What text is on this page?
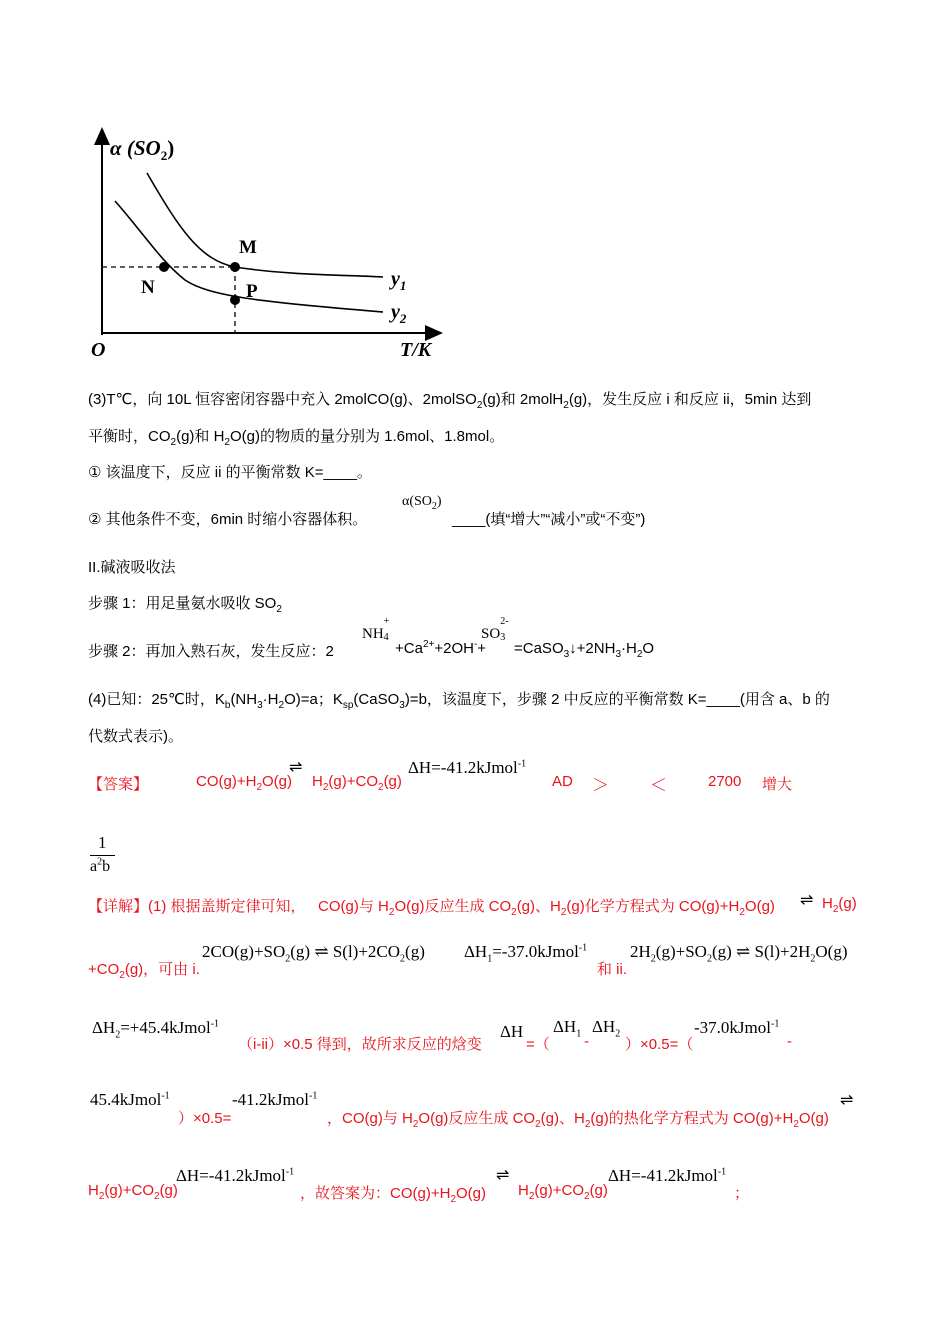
α $(SO_2)$
M
N	P
$y_1$
$y_2$
O	T/K
(3)T℃，向 10L 恒容密闭容器中充入 2molCO(g)、2molSO$_2$(g)和 2molH$_2$(g)，发生反应 i 和反应 ii，5min 达到
平衡时，$CO_2(g)$和 $H_2O(g)$的物质的量分别为 1.6mol、1.8mol。
① 该温度下，反应 ii 的平衡常数 K=____。
② 其他条件不变，6min 时缩小容器体积。
$\alpha(SO_2)$
____(填“增大”“减小”或“不变”)
II.碱液吸收法
步骤 1：用足量氨水吸收 $SO_2$
步骤 2：再加入熟石灰，发生反应：2
NH
+
4
$+Ca^{2+}+2OH^-+$
SO
2-
3
$=CaSO_3↓+2NH_3\cdot H_2O$
(4)已知：25℃时，$K_b(NH_3\cdot H_2O)=a$；$K_{sp}(CaSO_3)=b$，该温度下，步骤 2 中反应的平衡常数 K=____(用含 a、b 的
代数式表示)。
【答案】	$CO(g)+H_2O(g)$
⇌
$H_2(g)+CO_2(g)$
ΔH=-41.2kJmol$^{-1}$
AD ＞ ＜	2700 增大
1
$a^2b$
【详解】(1) 根据盖斯定律可知， CO(g)与 $H_2O(g)$反应生成 $CO_2(g)$、$H_2(g)$化学方程式为 $CO(g)+H_2O(g)$ ⇌ $H_2(g)$
$+CO_2(g)$，可由 i.
$2CO(g)+SO_2(g)$ ⇌ $S(l)+2CO_2(g)$ $\Delta H_1=-37.0kJmol^{-1}$
和 ii.
$2H_2(g)+SO_2(g)$ ⇌ $S(l)+2H_2O(g)$
$\Delta H_2=+45.4kJmol^{-1}$
（i-ii）×0.5 得到，故所求反应的焓变
ΔH
=（
$\Delta H_1$ -
$\Delta H_2$
）×0.5=（
-37.0kJmol$^{-1}$
-
45.4kJmol$^{-1}$
）×0.5=
-41.2kJmol$^{-1}$
，CO(g)与 $H_2O(g)$反应生成 $CO_2(g)$、$H_2(g)$的热化学方程式为 $CO(g)+H_2O(g)$
⇌
$H_2(g)+CO_2(g)$
ΔH=-41.2kJmol$^{-1}$
，故答案为：$CO(g)+H_2O(g)$
⇌
$H_2(g)+CO_2(g)$
ΔH=-41.2kJmol$^{-1}$
；
